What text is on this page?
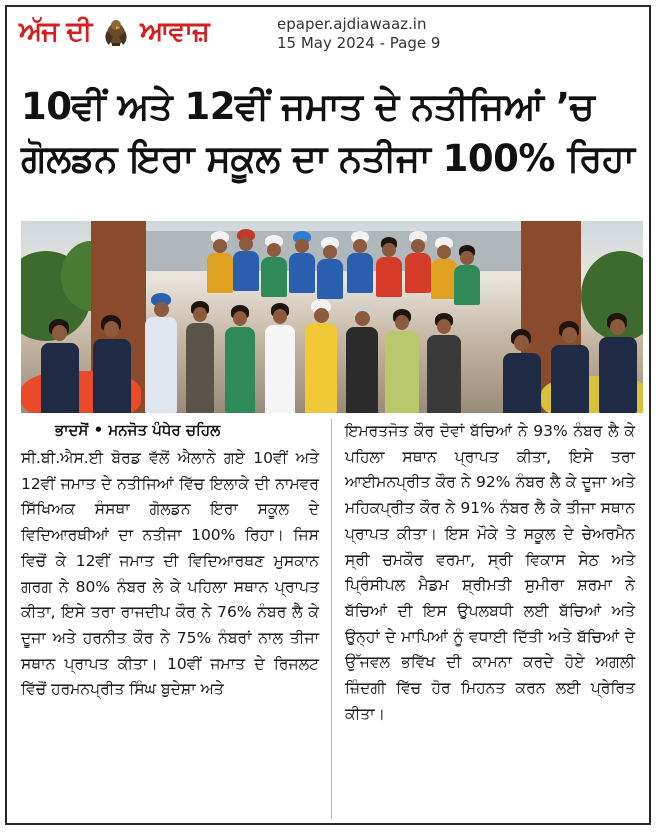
ਅੱਜ ਦੀ ਆਵਾਜ਼	epaper.ajdiawaaz.in
15 May 2024 - Page 9
10ਵੀਂ ਅਤੇ 12ਵੀਂ ਜਮਾਤ ਦੇ ਨਤੀਜਿਆਂ ’ਚ
ਗੋਲਡਨ ਇਰਾ ਸਕੂਲ ਦਾ ਨਤੀਜਾ 100% ਰਿਹਾ
ਭਾਦਸੋਂ • ਮਨਜੋਤ ਪੰਧੇਰ ਚਹਿਲ

ਸੀ.ਬੀ.ਐਸ.ਈ ਬੋਰਡ ਵੱਲੋਂ ਐਲਾਨੇ ਗਏ 10ਵੀਂ ਅਤੇ 12ਵੀਂ ਜਮਾਤ ਦੇ ਨਤੀਜਿਆਂ ਵਿੱਚ ਇਲਾਕੇ ਦੀ ਨਾਮਵਰ ਸਿੱਖਿਅਕ ਸੰਸਥਾ ਗੋਲਡਨ ਇਰਾ ਸਕੂਲ ਦੇ ਵਿਦਿਆਰਥੀਆਂ ਦਾ ਨਤੀਜਾ 100% ਰਿਹਾ। ਜਿਸ ਵਿਚੋਂ ਕੇ 12ਵੀਂ ਜਮਾਤ ਦੀ ਵਿਦਿਆਰਥਣ ਮੁਸਕਾਨ ਗਰਗ ਨੇ 80% ਨੰਬਰ ਲੇ ਕੇ ਪਹਿਲਾ ਸਥਾਨ ਪ੍ਰਾਪਤ ਕੀਤਾ, ਇਸੇ ਤਰਾ ਰਾਜਦੀਪ ਕੌਰ ਨੇ 76% ਨੰਬਰ ਲੈ ਕੇ ਦੂਜਾ ਅਤੇ ਹਰਨੀਤ ਕੌਰ ਨੇ 75% ਨੰਬਰਾਂ ਨਾਲ ਤੀਜਾ ਸਥਾਨ ਪ੍ਰਾਪਤ ਕੀਤਾ। 10ਵੀਂ ਜਮਾਤ ਦੇ ਰਿਜਲਟ ਵਿੱਚੋਂ ਹਰਮਨਪ੍ਰੀਤ ਸਿੰਘ ਬੁਦੇਸ਼ਾ ਅਤੇ

ਇਮਰਤਜੋਤ ਕੌਰ ਦੋਵਾਂ ਬੱਚਿਆਂ ਨੇ 93% ਨੰਬਰ ਲੈ ਕੇ ਪਹਿਲਾ ਸਥਾਨ ਪ੍ਰਾਪਤ ਕੀਤਾ, ਇਸੇ ਤਰਾ ਆਈਮਨਪ੍ਰੀਤ ਕੌਰ ਨੇ 92% ਨੰਬਰ ਲੈ ਕੇ ਦੂਜਾ ਅਤੇ ਮਹਿਕਪ੍ਰੀਤ ਕੌਰ ਨੇ 91% ਨੰਬਰ ਲੈ ਕੇ ਤੀਜਾ ਸਥਾਨ ਪ੍ਰਾਪਤ ਕੀਤਾ। ਇਸ ਮੌਕੇ ਤੇ ਸਕੂਲ ਦੇ ਚੇਅਰਮੈਨ ਸ੍ਰੀ ਚਮਕੌਰ ਵਰਮਾ, ਸ੍ਰੀ ਵਿਕਾਸ ਸੇਠ ਅਤੇ ਪ੍ਰਿੰਸੀਪਲ ਮੈਡਮ ਸ਼੍ਰੀਮਤੀ ਸੁਮੀਰਾ ਸ਼ਰਮਾ ਨੇ ਬੱਚਿਆਂ ਦੀ ਇਸ ਉਪਲਬਧੀ ਲਈ ਬੱਚਿਆਂ ਅਤੇ ਉਨ੍ਹਾਂ ਦੇ ਮਾਪਿਆਂ ਨੂੰ ਵਧਾਈ ਦਿੱਤੀ ਅਤੇ ਬੱਚਿਆਂ ਦੇ ਉੱਜਵਲ ਭਵਿੱਖ ਦੀ ਕਾਮਨਾ ਕਰਦੇ ਹੋਏ ਅਗਲੀ ਜ਼ਿੰਦਗੀ ਵਿੱਚ ਹੋਰ ਮਿਹਨਤ ਕਰਨ ਲਈ ਪ੍ਰੇਰਿਤ ਕੀਤਾ।
